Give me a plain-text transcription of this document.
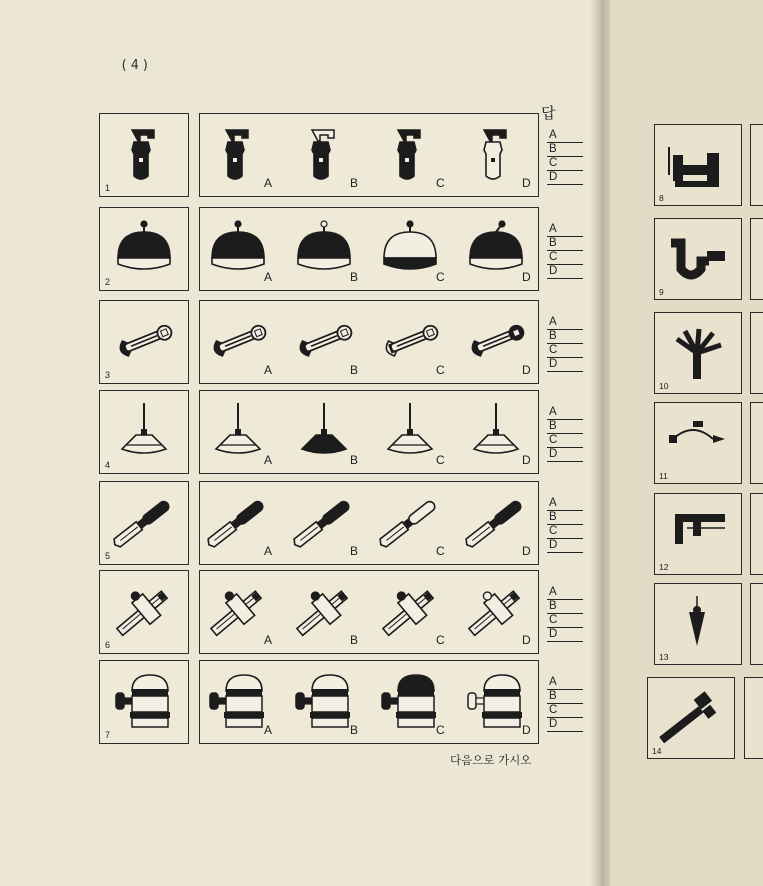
(4)
답
1	A	B	C	D
A
B
C
D
2	A	B	C	D
A
B
C
D
3	A	B	C	D
A
B
C
D
4	A	B	C	D
A
B
C
D
5	A	B	C	D
A
B
C
D
6	A	B	C	D
A
B
C
D
7	A	B	C	D
A
B
C
D
8
9
10
11
12
13
14
다음으로 가시오
